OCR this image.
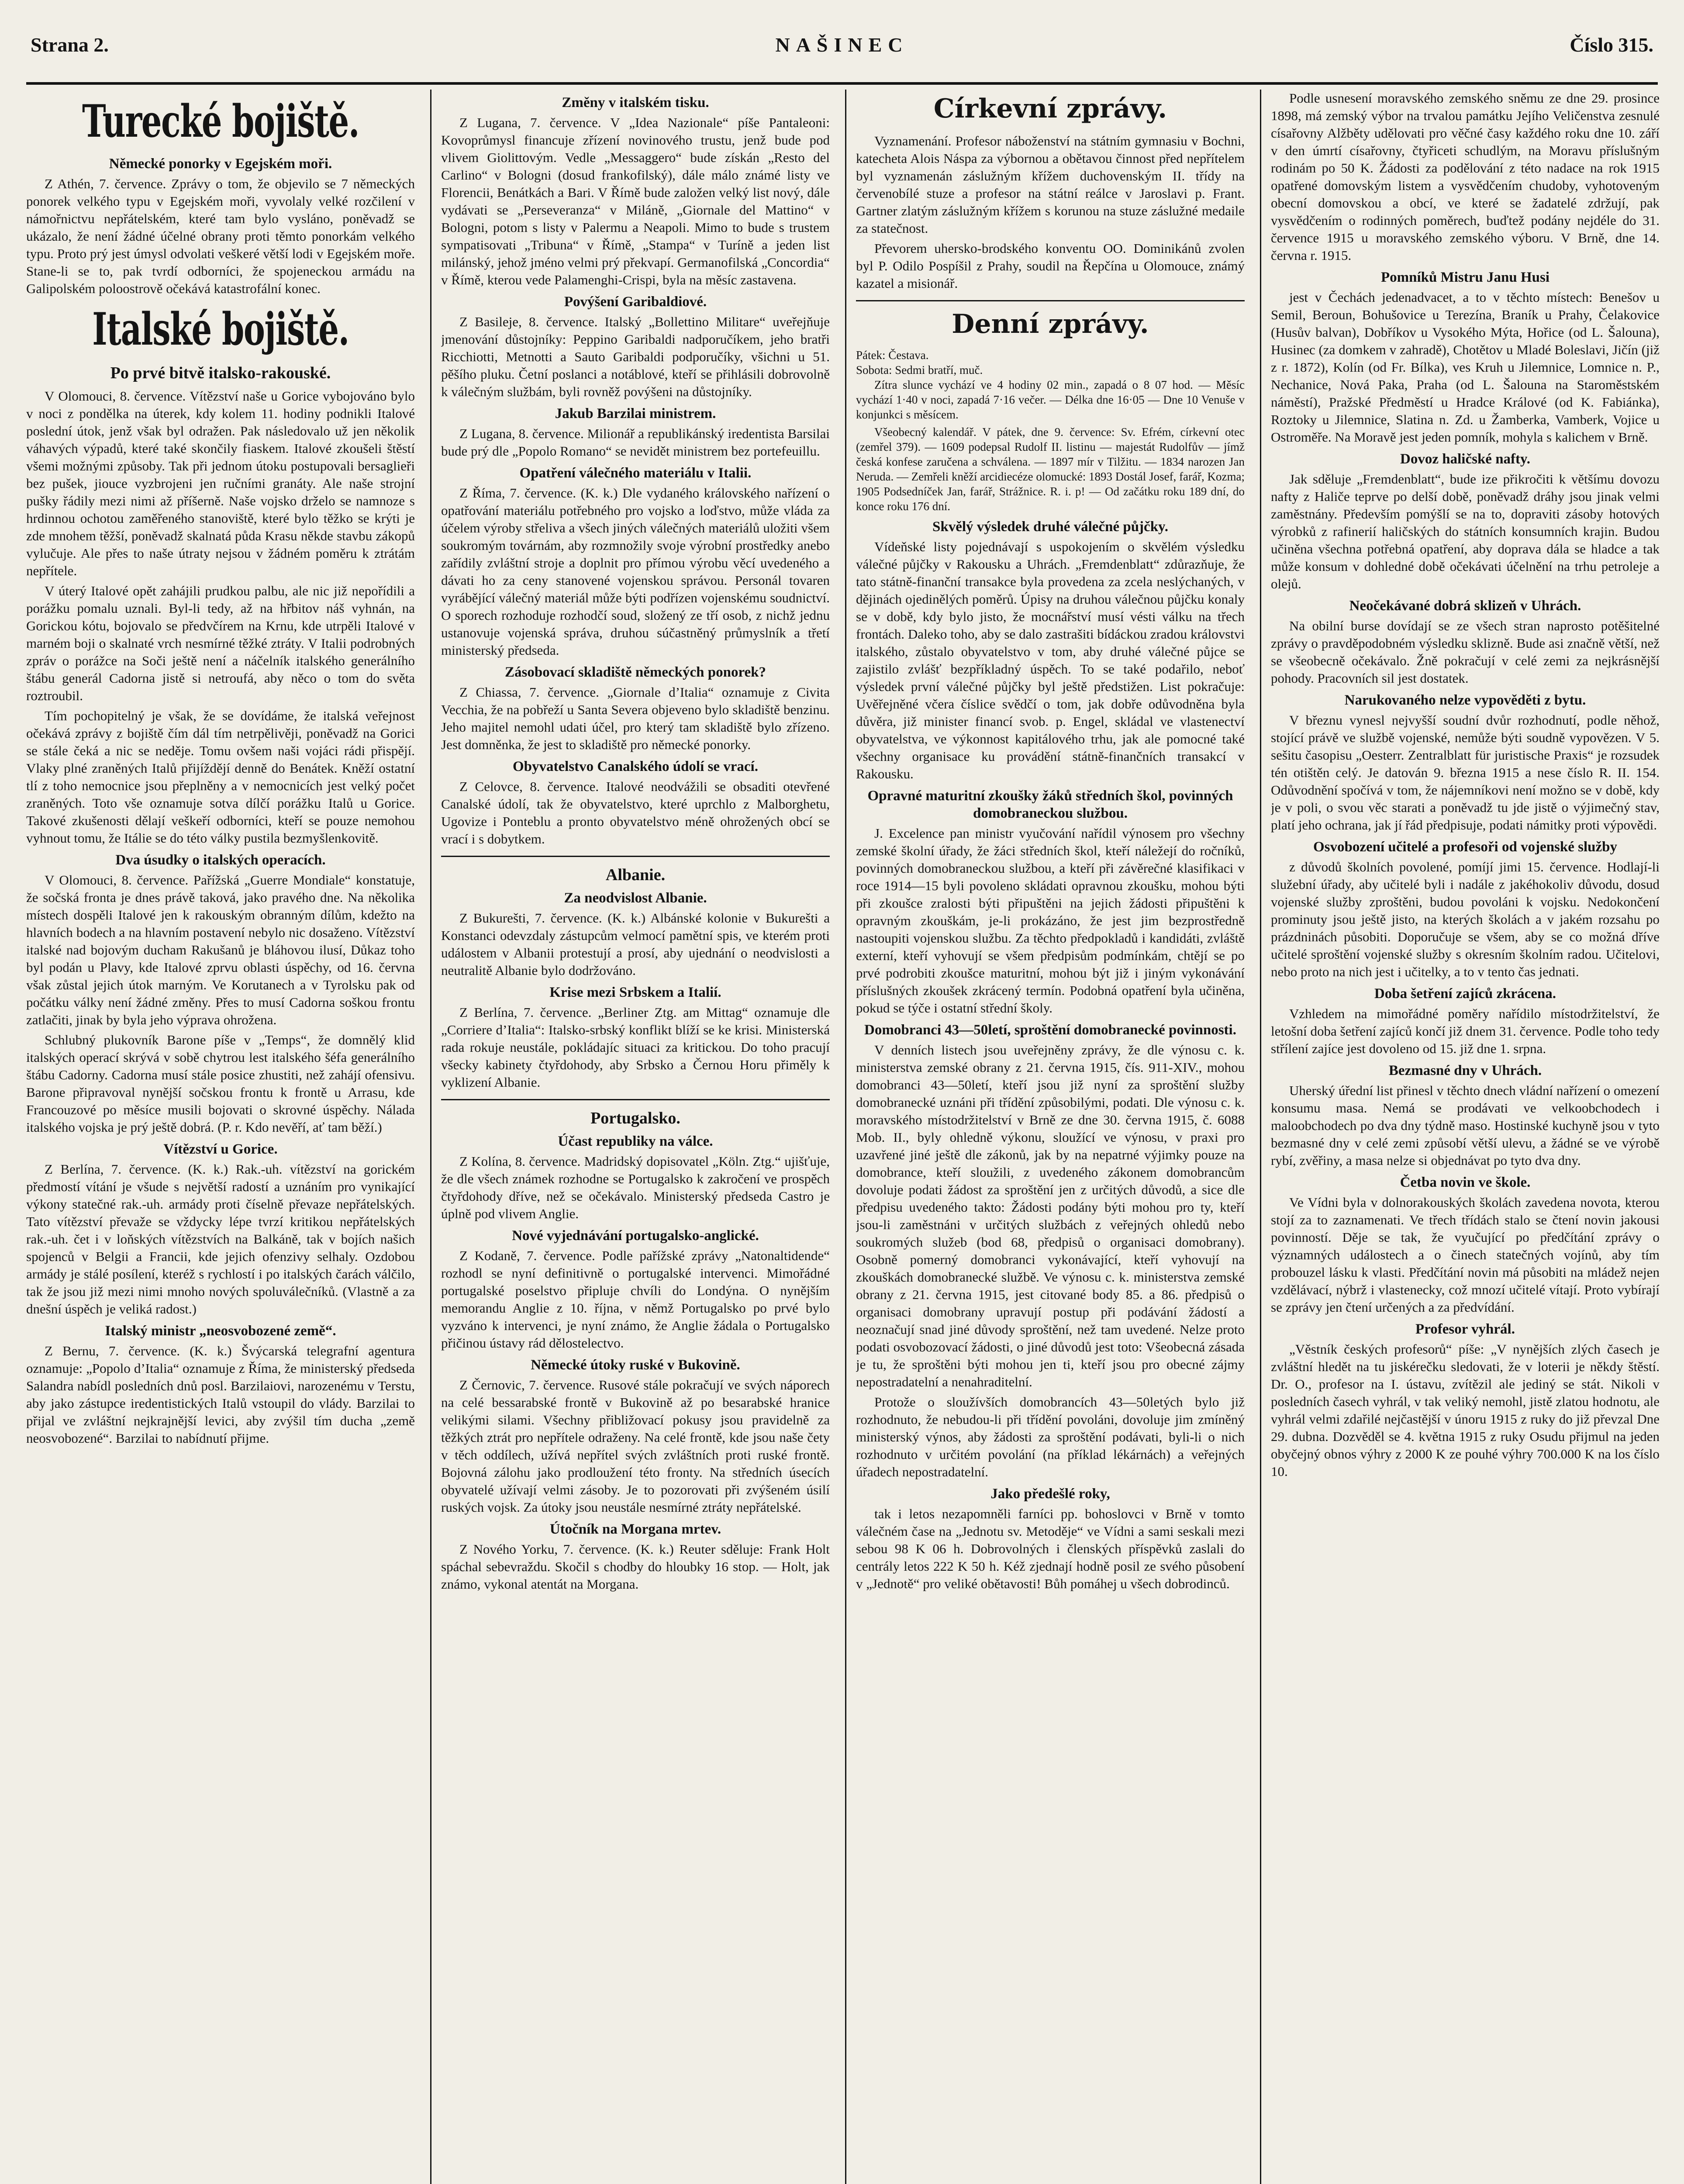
Strana 2.	NAŠINEC	Číslo 315.
Turecké bojiště.
Německé ponorky v Egejském moři.

Z Athén, 7. července. Zprávy o tom, že objevilo se 7 německých ponorek velkého typu v Egejském moři, vyvolaly velké rozčilení v námořnictvu nepřátelském, které tam bylo vysláno, poněvadž se ukázalo, že není žádné účelné obrany proti těmto ponorkám velkého typu. Proto prý jest úmysl odvolati veškeré větší lodi v Egejském moře. Stane-li se to, pak tvrdí odborníci, že spojeneckou armádu na Galipolském poloostrově očekává katastrofální konec.

Italské bojiště.
Po prvé bitvě italsko-rakouské.

V Olomouci, 8. července. Vítězství naše u Gorice vybojováno bylo v noci z pondělka na úterek, kdy kolem 11. hodiny podnikli Italové poslední útok, jenž však byl odražen. Pak následovalo už jen několik váhavých výpadů, které také skončily fiaskem. Italové zkoušeli štěstí všemi možnými způsoby. Tak při jednom útoku postupovali bersaglieři bez pušek, jiouce vyzbrojeni jen ručními granáty. Ale naše strojní pušky řádily mezi nimi až příšerně. Naše vojsko drželo se namnoze s hrdinnou ochotou zaměřeného stanoviště, které bylo těžko se krýti je zde mnohem těžší, poněvadž skalnatá půda Krasu někde stavbu zákopů vylučuje. Ale přes to naše útraty nejsou v žádném poměru k ztrátám nepřítele.

V úterý Italové opět zahájili prudkou palbu, ale nic již nepořídili a porážku pomalu uznali. Byl-li tedy, až na hřbitov náš vyhnán, na Gorickou kótu, bojovalo se předvčírem na Krnu, kde utrpěli Italové v marném boji o skalnaté vrch nesmírné těžké ztráty. V Italii podrobných zpráv o porážce na Soči ještě není a náčelník italského generálního štábu generál Cadorna jistě si netroufá, aby něco o tom do světa roztroubil.

Tím pochopitelný je však, že se dovídáme, že italská veřejnost očekává zprávy z bojiště čím dál tím netrpělivěji, poněvadž na Gorici se stále čeká a nic se neděje. Tomu ovšem naši vojáci rádi přispějí. Vlaky plné zraněných Italů přijíždějí denně do Benátek. Kněží ostatní tlí z toho nemocnice jsou přeplněny a v nemocnicích jest velký počet zraněných. Toto vše oznamuje sotva dílčí porážku Italů u Gorice. Takové zkušenosti dělají veškeří odborníci, kteří se pouze nemohou vyhnout tomu, že Itálie se do této války pustila bezmyšlenkovitě.

Dva úsudky o italských operacích.

V Olomouci, 8. července. Pařížská „Guerre Mondiale“ konstatuje, že sočská fronta je dnes právě taková, jako pravého dne. Na několika místech dospěli Italové jen k rakouským obranným dílům, kdežto na hlavních bodech a na hlavním postavení nebylo nic dosaženo. Vítězství italské nad bojovým ducham Rakušanů je bláhovou ilusí, Důkaz toho byl podán u Plavy, kde Italové zprvu oblasti úspěchy, od 16. června však zůstal jejich útok marným. Ve Korutanech a v Tyrolsku pak od počátku války není žádné změny. Přes to musí Cadorna soškou frontu zatlačiti, jinak by byla jeho výprava ohrožena.

Schlubný plukovník Barone píše v „Temps“, že domnělý klid italských operací skrývá v sobě chytrou lest italského šéfa generálního štábu Cadorny. Cadorna musí stále posice zhustiti, než zahájí ofensivu. Barone připravoval nynější sočskou frontu k frontě u Arrasu, kde Francouzové po měsíce musili bojovati o skrovné úspěchy. Nálada italského vojska je prý ještě dobrá. (P. r. Kdo nevěří, ať tam běží.)

Vítězství u Gorice.

Z Berlína, 7. července. (K. k.) Rak.-uh. vítězství na gorickém předmostí vítání je všude s největší radostí a uznáním pro vynikající výkony statečné rak.-uh. armády proti číselně převaze nepřátelských. Tato vítězství převaže se vždycky lépe tvrzí kritikou nepřátelských rak.-uh. čet i v loňských vítězstvích na Balkáně, tak v bojích našich spojenců v Belgii a Francii, kde jejich ofenzivy selhaly. Ozdobou armády je stálé posílení, kteréž s rychlostí i po italských čarách válčilo, tak že jsou již mezi nimi mnoho nových spoluválečníků. (Vlastně a za dnešní úspěch je veliká radost.)

Italský ministr „neosvobozené země“.

Z Bernu, 7. července. (K. k.) Švýcarská telegrafní agentura oznamuje: „Popolo d’Italia“ oznamuje z Říma, že ministerský předseda Salandra nabídl posledních dnů posl. Barzilaiovi, narozenému v Terstu, aby jako zástupce iredentistických Italů vstoupil do vlády. Barzilai to přijal ve zvláštní nejkrajnější levici, aby zvýšil tím ducha „země neosvobozené“. Barzilai to nabídnutí přijme.

Změny v italském tisku.

Z Lugana, 7. července. V „Idea Nazionale“ píše Pantaleoni: Kovoprůmysl financuje zřízení novinového trustu, jenž bude pod vlivem Giolittovým. Vedle „Messaggero“ bude získán „Resto del Carlino“ v Bologni (dosud frankofilský), dále málo známé listy ve Florencii, Benátkách a Bari. V Římě bude založen velký list nový, dále vydávati se „Perseveranza“ v Miláně, „Giornale del Mattino“ v Bologni, potom s listy v Palermu a Neapoli. Mimo to bude s trustem sympatisovati „Tribuna“ v Římě, „Stampa“ v Turíně a jeden list milánský, jehož jméno velmi prý překvapí. Germanofilská „Concordia“ v Římě, kterou vede Palamenghi-Crispi, byla na měsíc zastavena.

Povýšení Garibaldiové.

Z Basileje, 8. července. Italský „Bollettino Militare“ uveřejňuje jmenování důstojníky: Peppino Garibaldi nadporučíkem, jeho bratři Ricchiotti, Metnotti a Sauto Garibaldi podporučíky, všichni u 51. pěšího pluku. Četní poslanci a notáblové, kteří se přihlásili dobrovolně k válečným službám, byli rovněž povýšeni na důstojníky.

Jakub Barzilai ministrem.

Z Lugana, 8. července. Milionář a republikánský iredentista Barsilai bude prý dle „Popolo Romano“ se nevidět ministrem bez portefeuillu.

Opatření válečného materiálu v Italii.

Z Říma, 7. července. (K. k.) Dle vydaného královského nařízení o opatřování materiálu potřebného pro vojsko a loďstvo, může vláda za účelem výroby střeliva a všech jiných válečných materiálů uložiti všem soukromým továrnám, aby rozmnožily svoje výrobní prostředky anebo zařídily zvláštní stroje a doplnit pro přímou výrobu věcí uvedeného a dávati ho za ceny stanovené vojenskou správou. Personál tovaren vyrábějící válečný materiál může býti podřízen vojenskému soudnictví. O sporech rozhoduje rozhodčí soud, složený ze tří osob, z nichž jednu ustanovuje vojenská správa, druhou súčastněný průmyslník a třetí ministerský předseda.

Zásobovací skladiště německých ponorek?

Z Chiassa, 7. července. „Giornale d’Italia“ oznamuje z Civita Vecchia, že na pobřeží u Santa Severa objeveno bylo skladiště benzinu. Jeho majitel nemohl udati účel, pro který tam skladiště bylo zřízeno. Jest domněnka, že jest to skladiště pro německé ponorky.

Obyvatelstvo Canalského údolí se vrací.

Z Celovce, 8. července. Italové neodvážili se obsaditi otevřené Canalské údolí, tak že obyvatelstvo, které uprchlo z Malborghetu, Ugovize i Ponteblu a pronto obyvatelstvo méně ohrožených obcí se vrací i s dobytkem.

Albanie.
Za neodvislost Albanie.

Z Bukurešti, 7. července. (K. k.) Albánské kolonie v Bukurešti a Konstanci odevzdaly zástupcům velmocí pamětní spis, ve kterém proti událostem v Albanii protestují a prosí, aby ujednání o neodvislosti a neutralitě Albanie bylo dodržováno.

Krise mezi Srbskem a Italií.

Z Berlína, 7. července. „Berliner Ztg. am Mittag“ oznamuje dle „Corriere d’Italia“: Italsko-srbský konflikt blíží se ke krisi. Ministerská rada rokuje neustále, pokládajíc situaci za kritickou. Do toho pracují všecky kabinety čtyřdohody, aby Srbsko a Černou Horu přiměly k vyklizení Albanie.

Portugalsko.
Účast republiky na válce.

Z Kolína, 8. července. Madridský dopisovatel „Köln. Ztg.“ ujišťuje, že dle všech známek rozhodne se Portugalsko k zakročení ve prospěch čtyřdohody dříve, než se očekávalo. Ministerský předseda Castro je úplně pod vlivem Anglie.

Nové vyjednávání portugalsko-anglické.

Z Kodaně, 7. července. Podle pařížské zprávy „Natonaltidende“ rozhodl se nyní definitivně o portugalské intervenci. Mimořádné portugalské poselstvo připluje chvíli do Londýna. O nynějším memorandu Anglie z 10. října, v němž Portugalsko po prvé bylo vyzváno k intervenci, je nyní známo, že Anglie žádala o Portugalsko přičinou ústavy rád dělostelectvo.

Německé útoky ruské v Bukovině.

Z Černovic, 7. července. Rusové stále pokračují ve svých náporech na celé bessarabské frontě v Bukovině až po besarabské hranice velikými silami. Všechny přibližovací pokusy jsou pravidelně za těžkých ztrát pro nepřítele odraženy. Na celé frontě, kde jsou naše čety v těch oddílech, užívá nepřítel svých zvláštních proti ruské frontě. Bojovná zálohu jako prodloužení této fronty. Na středních úsecích obyvatelé užívají velmi zásoby. Je to pozorovati při zvýšeném úsilí ruských vojsk. Za útoky jsou neustále nesmírné ztráty nepřátelské.

Útočník na Morgana mrtev.

Z Nového Yorku, 7. července. (K. k.) Reuter sděluje: Frank Holt spáchal sebevraždu. Skočil s chodby do hloubky 16 stop. — Holt, jak známo, vykonal atentát na Morgana.

Církevní zprávy.

Vyznamenání. Profesor náboženství na státním gymnasiu v Bochni, katecheta Alois Náspa za výbornou a obětavou činnost před nepřítelem byl vyznamenán záslužným křížem duchovenským II. třídy na červenobílé stuze a profesor na státní reálce v Jaroslavi p. Frant. Gartner zlatým záslužným křížem s korunou na stuze záslužné medaile za statečnost.

Převorem uhersko-brodského konventu OO. Dominikánů zvolen byl P. Odilo Pospíšil z Prahy, soudil na Řepčína u Olomouce, známý kazatel a misionář.

Denní zprávy.

Pátek: Čestava.

Sobota: Sedmi bratří, muč.

Zítra slunce vychází ve 4 hodiny 02 min., zapadá o 8 07 hod. — Měsíc vychází 1·40 v noci, zapadá 7·16 večer. — Délka dne 16·05 — Dne 10 Venuše v konjunkci s měsícem.

Všeobecný kalendář. V pátek, dne 9. července: Sv. Efrém, církevní otec (zemřel 379). — 1609 podepsal Rudolf II. listinu — majestát Rudolfův — jímž česká konfese zaručena a schválena. — 1897 mír v Tilžitu. — 1834 narozen Jan Neruda. — Zemřeli kněží arcidiecéze olomucké: 1893 Dostál Josef, farář, Kozma; 1905 Podsedníček Jan, farář, Strážnice. R. i. p! — Od začátku roku 189 dní, do konce roku 176 dní.

Skvělý výsledek druhé válečné půjčky.

Vídeňské listy pojednávají s uspokojením o skvělém výsledku válečné půjčky v Rakousku a Uhrách. „Fremdenblatt“ zdůrazňuje, že tato státně-finanční transakce byla provedena za zcela neslýchaných, v dějinách ojedinělých poměrů. Úpisy na druhou válečnou půjčku konaly se v době, kdy bylo jisto, že mocnářství musí vésti válku na třech frontách. Daleko toho, aby se dalo zastrašiti bídáckou zradou královstvi italského, zůstalo obyvatelstvo v tom, aby druhé válečné půjce se zajistilo zvlášť bezpříkladný úspěch. To se také podařilo, neboť výsledek první válečné půjčky byl ještě předstižen. List pokračuje: Uvěřejněné včera číslice svědčí o tom, jak dobře odůvodněna byla důvěra, již minister financí svob. p. Engel, skládal ve vlastenectví obyvatelstva, ve výkonnost kapitálového trhu, jak ale pomocné také všechny organisace ku provádění státně-finančních transakcí v Rakousku.

Opravné maturitní zkoušky žáků středních škol, povinných domobraneckou službou.

J. Excelence pan ministr vyučování nařídil výnosem pro všechny zemské školní úřady, že žáci středních škol, kteří náležejí do ročníků, povinných domobraneckou službou, a kteří při závěrečné klasifikaci v roce 1914—15 byli povoleno skládati opravnou zkoušku, mohou býti při zkoušce zralosti býti připuštěni na jejich žádosti připuštěni k opravným zkouškám, je-li prokázáno, že jest jim bezprostředně nastoupiti vojenskou službu. Za těchto předpokladů i kandidáti, zvláště externí, kteří vyhovují se všem předpisům podmínkám, chtějí se po prvé podrobiti zkoušce maturitní, mohou být již i jiným vykonávání příslušných zkoušek zkrácený termín. Podobná opatření byla učiněna, pokud se týče i ostatní střední školy.

Domobranci 43—50letí, sproštění domobranecké povinnosti.

V denních listech jsou uveřejněny zprávy, že dle výnosu c. k. ministerstva zemské obrany z 21. června 1915, čís. 911-XIV., mohou domobranci 43—50letí, kteří jsou již nyní za sproštění služby domobranecké uznáni při třídění způsobilými, podati. Dle výnosu c. k. moravského místodržitelství v Brně ze dne 30. června 1915, č. 6088 Mob. II., byly ohledně výkonu, sloužící ve výnosu, v praxi pro uzavřené jiné ještě dle zákonů, jak by na nepatrné výjimky pouze na domobrance, kteří sloužili, z uvedeného zákonem domobrancům dovoluje podati žádost za sproštění jen z určitých důvodů, a sice dle předpisu uvedeného takto: Žádosti podány býti mohou pro ty, kteří jsou-li zaměstnáni v určitých službách z veřejných ohledů nebo soukromých služeb (bod 68, předpisů o organisaci domobrany). Osobně pomerný domobranci vykonávající, kteří vyhovují na zkouškách domobranecké službě. Ve výnosu c. k. ministerstva zemské obrany z 21. června 1915, jest citované body 85. a 86. předpisů o organisaci domobrany upravují postup při podávání žádostí a neoznačují snad jiné důvody sproštění, než tam uvedené. Nelze proto podati osvobozovací žádosti, o jiné důvodů jest toto: Všeobecná zásada je tu, že sproštěni býti mohou jen ti, kteří jsou pro obecné zájmy nepostradatelní a nenahraditelní.

Protože o sloužívších domobrancích 43—50letých bylo již rozhodnuto, že nebudou-li při třídění povoláni, dovoluje jim zmíněný ministerský výnos, aby žádosti za sproštění podávati, byli-li o nich rozhodnuto v určitém povolání (na příklad lékárnách) a veřejných úřadech nepostradatelní.

Jako předešlé roky,

tak i letos nezapomněli farníci pp. bohoslovci v Brně v tomto válečném čase na „Jednotu sv. Metoděje“ ve Vídni a sami seskali mezi sebou 98 K 06 h. Dobrovolných i členských příspěvků zaslali do centrály letos 222 K 50 h. Kéž zjednají hodně posil ze svého působení v „Jednotě“ pro veliké obětavosti! Bůh pomáhej u všech dobrodinců.

Podle usnesení moravského zemského sněmu ze dne 29. prosince 1898, má zemský výbor na trvalou památku Jejího Veličenstva zesnulé císařovny Alžběty udělovati pro věčné časy každého roku dne 10. září v den úmrtí císařovny, čtyřiceti schudlým, na Moravu příslušným rodinám po 50 K. Žádosti za podělování z této nadace na rok 1915 opatřené domovským listem a vysvědčením chudoby, vyhotoveným obecní domovskou a obcí, ve které se žadatelé zdržují, pak vysvědčením o rodinných poměrech, buďtež podány nejdéle do 31. července 1915 u moravského zemského výboru. V Brně, dne 14. června r. 1915.

Pomníků Mistru Janu Husi

jest v Čechách jedenadvacet, a to v těchto místech: Benešov u Semil, Beroun, Bohušovice u Terezína, Braník u Prahy, Čelakovice (Husův balvan), Dobříkov u Vysokého Mýta, Hořice (od L. Šalouna), Husinec (za domkem v zahradě), Chotětov u Mladé Boleslavi, Jičín (již z r. 1872), Kolín (od Fr. Bílka), ves Kruh u Jilemnice, Lomnice n. P., Nechanice, Nová Paka, Praha (od L. Šalouna na Staroměstském náměstí), Pražské Předměstí u Hradce Králové (od K. Fabiánka), Roztoky u Jilemnice, Slatina n. Zd. u Žamberka, Vamberk, Vojice u Ostroměře. Na Moravě jest jeden pomník, mohyla s kalichem v Brně.

Dovoz haličské nafty.

Jak sděluje „Fremdenblatt“, bude ize přikročiti k většímu dovozu nafty z Haliče teprve po delší době, poněvadž dráhy jsou jinak velmi zaměstnány. Především pomýšlí se na to, dopraviti zásoby hotových výrobků z rafinerií haličských do státních konsumních krajin. Budou učiněna všechna potřebná opatření, aby doprava dála se hladce a tak může konsum v dohledné době očekávati účelnění na trhu petroleje a olejů.

Neočekávané dobrá sklizeň v Uhrách.

Na obilní burse dovídají se ze všech stran naprosto potěšitelné zprávy o pravděpodobném výsledku sklizně. Bude asi značně větší, než se všeobecně očekávalo. Žně pokračují v celé zemi za nejkrásnější pohody. Pracovních sil jest dostatek.

Narukovaného nelze vypověděti z bytu.

V březnu vynesl nejvyšší soudní dvůr rozhodnutí, podle něhož, stojící právě ve službě vojenské, nemůže býti soudně vypovězen. V 5. sešitu časopisu „Oesterr. Zentralblatt für juristische Praxis“ je rozsudek tén otištěn celý. Je datován 9. března 1915 a nese číslo R. II. 154. Odůvodnění spočívá v tom, že nájemníkovi není možno se v době, kdy je v poli, o svou věc starati a poněvadž tu jde jistě o výjimečný stav, platí jeho ochrana, jak jí řád předpisuje, podati námitky proti výpovědi.

Osvobození učitelé a profesoři od vojenské služby

z důvodů školních povolené, pomíjí jimi 15. července. Hodlají-li služební úřady, aby učitelé byli i nadále z jakéhokoliv důvodu, dosud vojenské služby zproštěni, budou povoláni k vojsku. Nedokončení prominuty jsou ještě jisto, na kterých školách a v jakém rozsahu po prázdninách působiti. Doporučuje se všem, aby se co možná dříve učitelé sproštění vojenské služby s okresním školním radou. Učitelovi, nebo proto na nich jest i učitelky, a to v tento čas jednati.

Doba šetření zajíců zkrácena.

Vzhledem na mimořádné poměry nařídilo místodržitelství, že letošní doba šetření zajíců končí již dnem 31. července. Podle toho tedy střílení zajíce jest dovoleno od 15. již dne 1. srpna.

Bezmasné dny v Uhrách.

Uherský úřední list přinesl v těchto dnech vládní nařízení o omezení konsumu masa. Nemá se prodávati ve velkoobchodech i maloobchodech po dva dny týdně maso. Hostinské kuchyně jsou v tyto bezmasné dny v celé zemi způsobí větší ulevu, a žádné se ve výrobě rybí, zvěřiny, a masa nelze si objednávat po tyto dva dny.

Četba novin ve škole.

Ve Vídni byla v dolnorakouských školách zavedena novota, kterou stojí za to zaznamenati. Ve třech třídách stalo se čtení novin jakousi povinností. Děje se tak, že vyučující po předčítání zprávy o významných událostech a o činech statečných vojínů, aby tím probouzel lásku k vlasti. Předčítání novin má působiti na mládež nejen vzdělávací, nýbrž i vlastenecky, což mnozí učitelé vítají. Proto vybírají se zprávy jen čtení určených a za předvídání.

Profesor vyhrál.

„Věstník českých profesorů“ píše: „V nynějších zlých časech je zvláštní hledět na tu jiskérečku sledovati, že v loterii je někdy štěstí. Dr. O., profesor na I. ústavu, zvítězil ale jediný se stát. Nikoli v posledních časech vyhrál, v tak veliký nemohl, jistě zlatou hodnotu, ale vyhrál velmi zdařilé nejčastější v únoru 1915 z ruky do již převzal Dne 29. dubna. Dozvěděl se 4. května 1915 z ruky Osudu přijmul na jeden obyčejný obnos výhry z 2000 K ze pouhé výhry 700.000 K na los číslo 10.
